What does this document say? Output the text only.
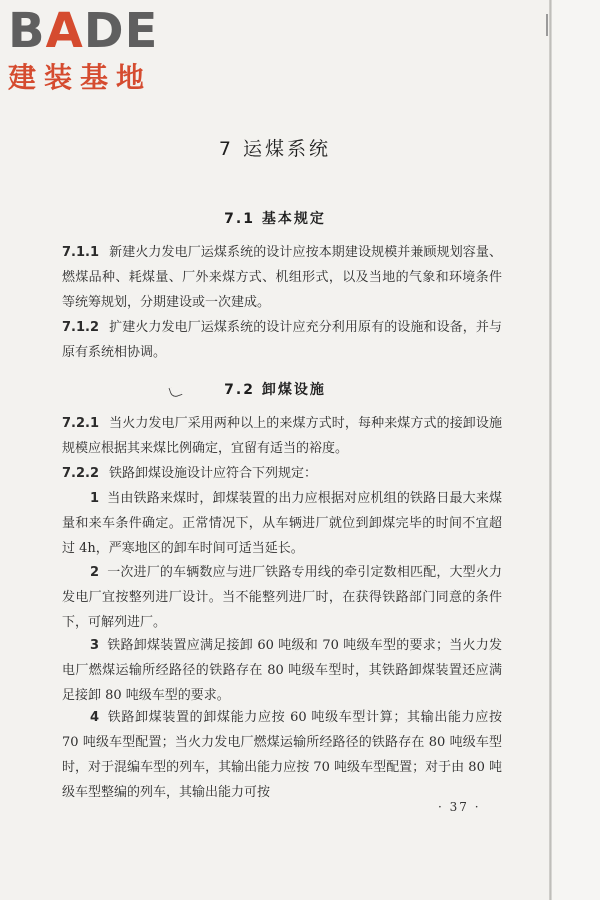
BADE
建装基地
7 运煤系统
7.1 基本规定
7.1.1 新建火力发电厂运煤系统的设计应按本期建设规模并兼顾规划容量、燃煤品种、耗煤量、厂外来煤方式、机组形式，以及当地的气象和环境条件等统筹规划，分期建设或一次建成。
7.1.2 扩建火力发电厂运煤系统的设计应充分利用原有的设施和设备，并与原有系统相协调。
7.2 卸煤设施
7.2.1 当火力发电厂采用两种以上的来煤方式时，每种来煤方式的接卸设施规模应根据其来煤比例确定，宜留有适当的裕度。
7.2.2 铁路卸煤设施设计应符合下列规定：
1 当由铁路来煤时，卸煤装置的出力应根据对应机组的铁路日最大来煤量和来车条件确定。正常情况下，从车辆进厂就位到卸煤完毕的时间不宜超过 4h，严寒地区的卸车时间可适当延长。
2 一次进厂的车辆数应与进厂铁路专用线的牵引定数相匹配，大型火力发电厂宜按整列进厂设计。当不能整列进厂时，在获得铁路部门同意的条件下，可解列进厂。
3 铁路卸煤装置应满足接卸 60 吨级和 70 吨级车型的要求；当火力发电厂燃煤运输所经路径的铁路存在 80 吨级车型时，其铁路卸煤装置还应满足接卸 80 吨级车型的要求。
4 铁路卸煤装置的卸煤能力应按 60 吨级车型计算；其输出能力应按 70 吨级车型配置；当火力发电厂燃煤运输所经路径的铁路存在 80 吨级车型时，对于混编车型的列车，其输出能力应按 70 吨级车型配置；对于由 80 吨级车型整编的列车，其输出能力可按
· 37 ·
